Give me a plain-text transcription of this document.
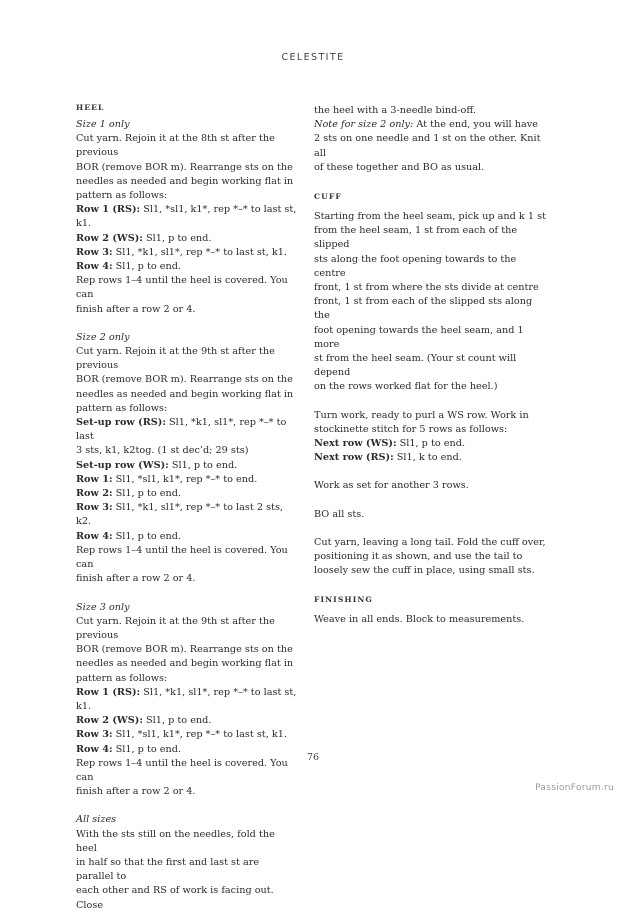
CELESTITE
HEEL

Size 1 only

Cut yarn. Rejoin it at the 8th st after the previous

BOR (remove BOR m). Rearrange sts on the

needles as needed and begin working flat in

pattern as follows:

Row 1 (RS): Sl1, *sl1, k1*, rep *–* to last st, k1.

Row 2 (WS): Sl1, p to end.

Row 3: Sl1, *k1, sl1*, rep *–* to last st, k1.

Row 4: Sl1, p to end.

Rep rows 1–4 until the heel is covered. You can

finish after a row 2 or 4.

Size 2 only

Cut yarn. Rejoin it at the 9th st after the previous

BOR (remove BOR m). Rearrange sts on the

needles as needed and begin working flat in

pattern as follows:

Set-up row (RS): Sl1, *k1, sl1*, rep *–* to last

3 sts, k1, k2tog. (1 st dec’d; 29 sts)

Set-up row (WS): Sl1, p to end.

Row 1: Sl1, *sl1, k1*, rep *–* to end.

Row 2: Sl1, p to end.

Row 3: Sl1, *k1, sl1*, rep *–* to last 2 sts, k2.

Row 4: Sl1, p to end.

Rep rows 1–4 until the heel is covered. You can

finish after a row 2 or 4.

Size 3 only

Cut yarn. Rejoin it at the 9th st after the previous

BOR (remove BOR m). Rearrange sts on the

needles as needed and begin working flat in

pattern as follows:

Row 1 (RS): Sl1, *k1, sl1*, rep *–* to last st, k1.

Row 2 (WS): Sl1, p to end.

Row 3: Sl1, *sl1, k1*, rep *–* to last st, k1.

Row 4: Sl1, p to end.

Rep rows 1–4 until the heel is covered. You can

finish after a row 2 or 4.

All sizes

With the sts still on the needles, fold the heel

in half so that the first and last st are parallel to

each other and RS of work is facing out. Close

the heel with a 3-needle bind-off.

Note for size 2 only: At the end, you will have

2 sts on one needle and 1 st on the other. Knit all

of these together and BO as usual.

CUFF

Starting from the heel seam, pick up and k 1 st

from the heel seam, 1 st from each of the slipped

sts along the foot opening towards to the centre

front, 1 st from where the sts divide at centre

front, 1 st from each of the slipped sts along the

foot opening towards the heel seam, and 1 more

st from the heel seam. (Your st count will depend

on the rows worked flat for the heel.)

Turn work, ready to purl a WS row. Work in

stockinette stitch for 5 rows as follows:

Next row (WS): Sl1, p to end.

Next row (RS): Sl1, k to end.

Work as set for another 3 rows.

BO all sts.

Cut yarn, leaving a long tail. Fold the cuff over,

positioning it as shown, and use the tail to

loosely sew the cuff in place, using small sts.

FINISHING

Weave in all ends. Block to measurements.

76
PassionForum.ru
